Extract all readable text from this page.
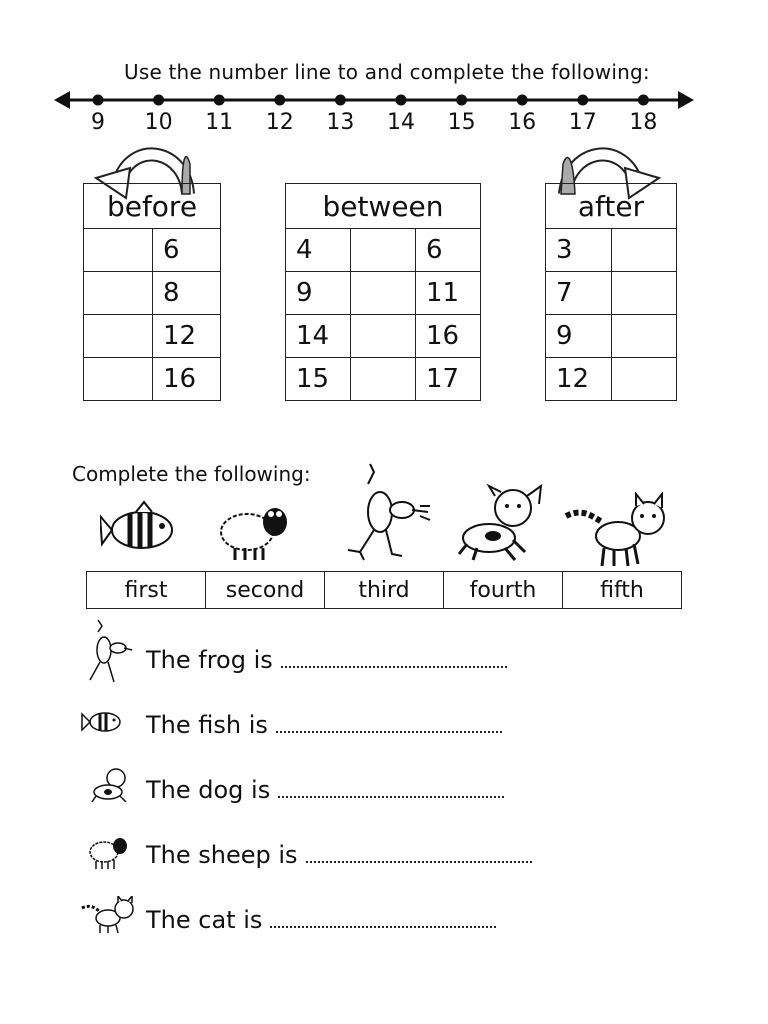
Use the number line to and complete the following:
9	10 11 12 13 14 15 16 17 18
before	
	6
	8
	12
	16
between		
4		6
9		11
14		16
15		17
after	
3	
7	
9	
12	
Complete the following:
first	second	third	fourth	fifth
The frog is
The fish is
The dog is
The sheep is
The cat is
